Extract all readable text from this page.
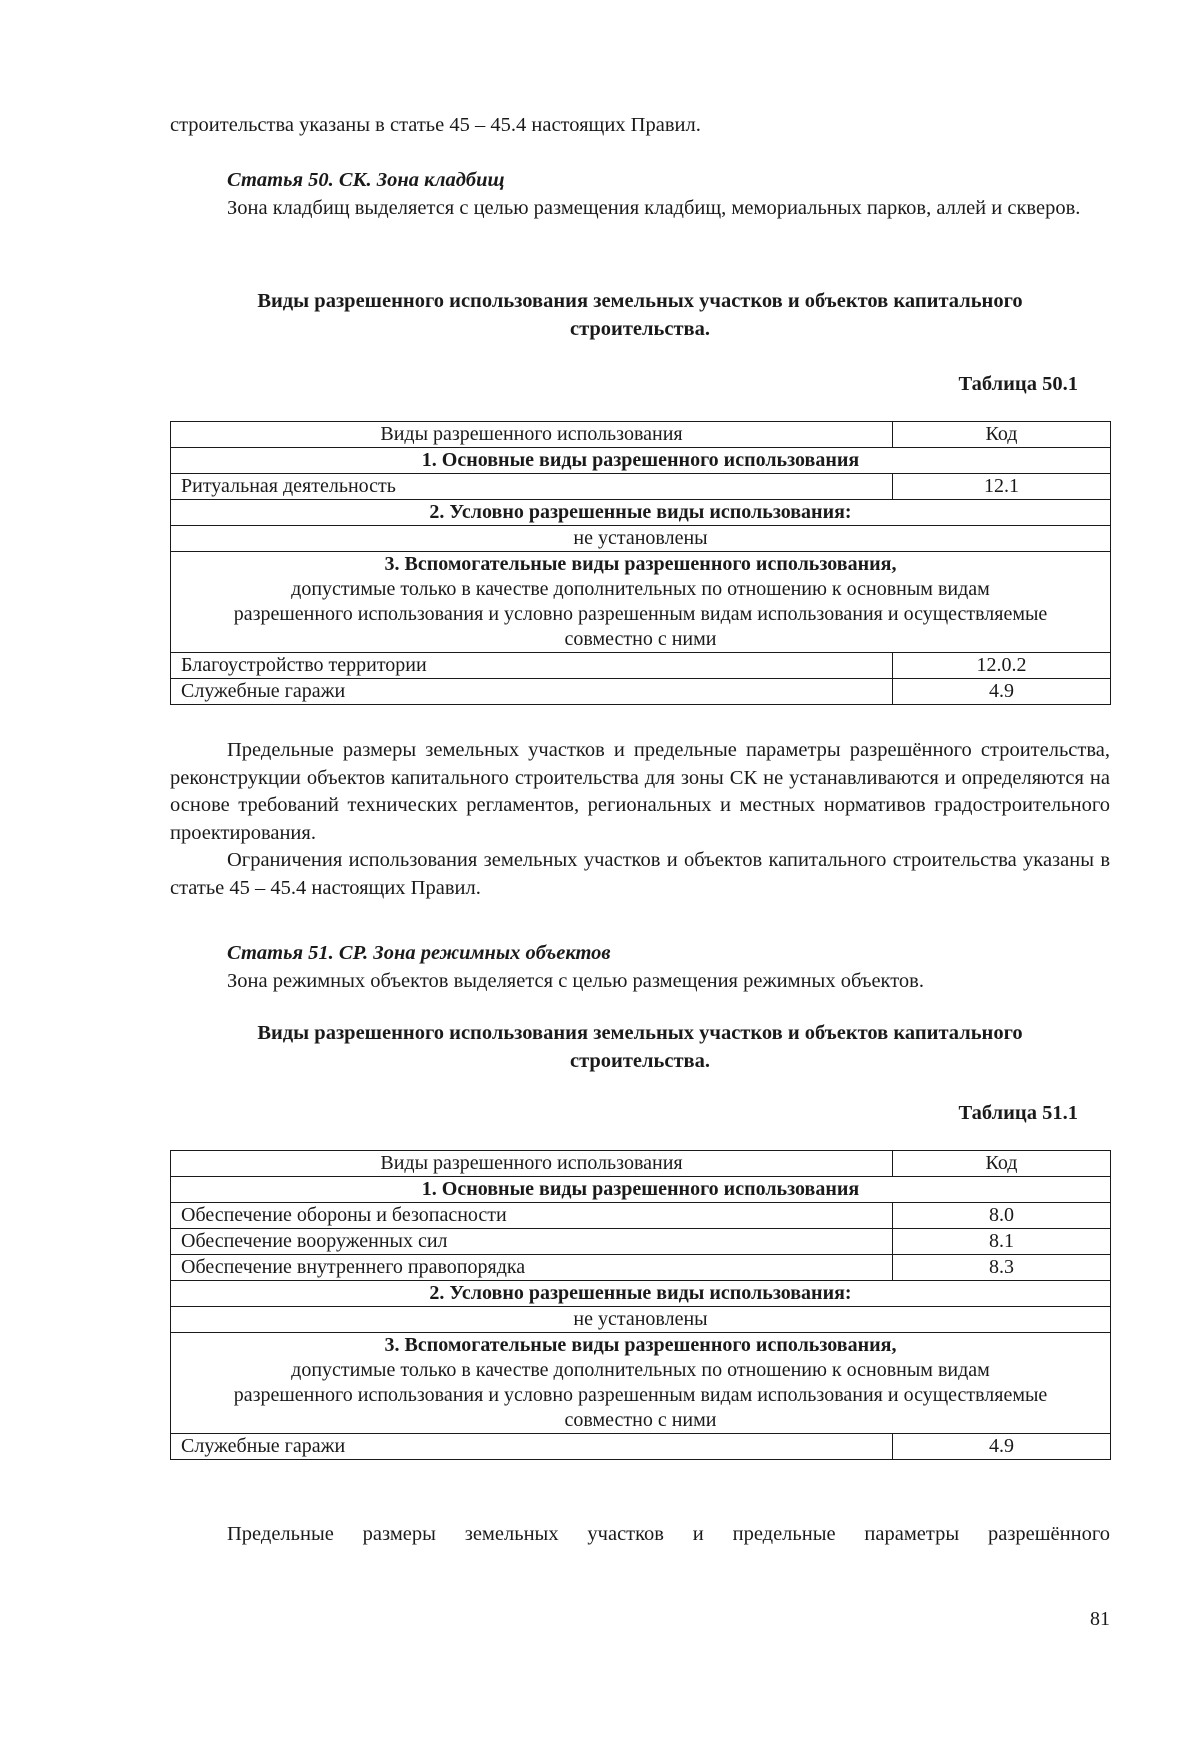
строительства указаны в статье 45 – 45.4 настоящих Правил.
Статья 50. СК. Зона кладбищ
Зона кладбищ выделяется с целью размещения кладбищ, мемориальных парков, аллей и скверов.
Виды разрешенного использования земельных участков и объектов капитального
строительства.
Таблица 50.1
Виды разрешенного использования	Код
1. Основные виды разрешенного использования	
Ритуальная деятельность	12.1
2. Условно разрешенные виды использования:	
не установлены	

3. Вспомогательные виды разрешенного использования,
допустимые только в качестве дополнительных по отношению к основным видам разрешенного использования и условно разрешенным видам использования и осуществляемые совместно с ними	
Благоустройство территории	12.0.2
Служебные гаражи	4.9
Предельные размеры земельных участков и предельные параметры разрешённого строительства, реконструкции объектов капитального строительства для зоны СК не устанавливаются и определяются на основе требований технических регламентов, региональных и местных нормативов градостроительного проектирования.
Ограничения использования земельных участков и объектов капитального строительства указаны в статье 45 – 45.4 настоящих Правил.
Статья 51. СР. Зона режимных объектов
Зона режимных объектов выделяется с целью размещения режимных объектов.
Виды разрешенного использования земельных участков и объектов капитального
строительства.
Таблица 51.1
Виды разрешенного использования	Код
1. Основные виды разрешенного использования	
Обеспечение обороны и безопасности	8.0
Обеспечение вооруженных сил	8.1
Обеспечение внутреннего правопорядка	8.3
2. Условно разрешенные виды использования:	
не установлены	

3. Вспомогательные виды разрешенного использования,
допустимые только в качестве дополнительных по отношению к основным видам разрешенного использования и условно разрешенным видам использования и осуществляемые совместно с ними	
Служебные гаражи	4.9
Предельные размеры земельных участков и предельные параметры разрешённого
81
